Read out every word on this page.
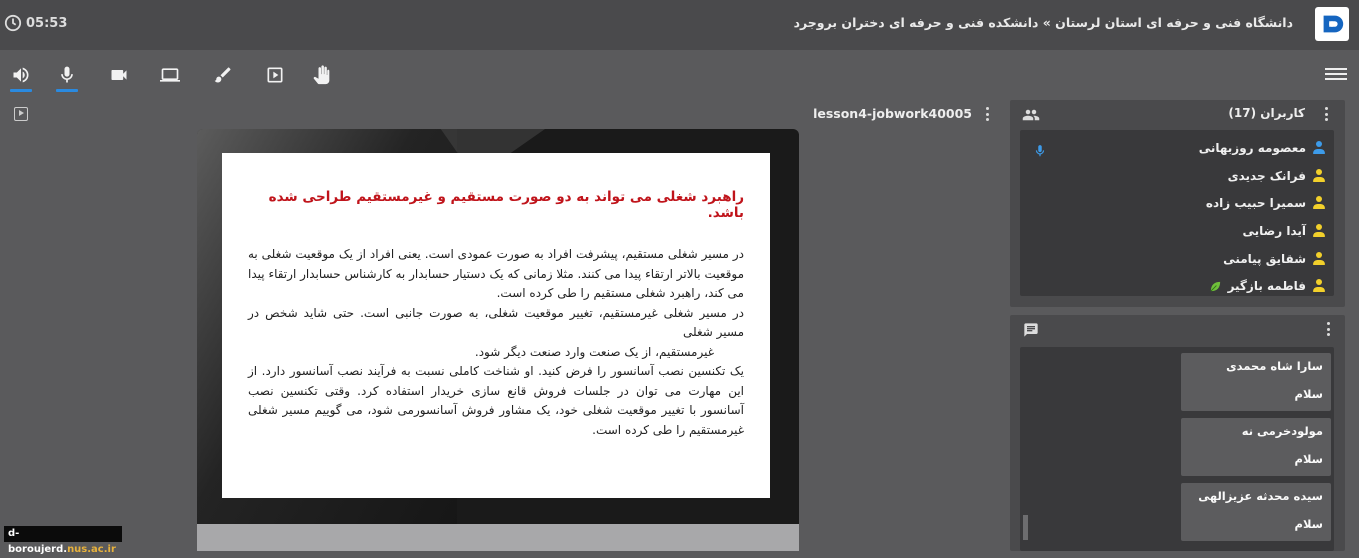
05:53	دانشگاه فنی و حرفه ای استان لرستان » دانشکده فنی و حرفه ای دختران بروجرد
lesson4-jobwork40005
راهبرد شغلی می تواند به دو صورت مستقیم و غیرمستقیم طراحی شده باشد.

در مسیر شغلی مستقیم، پیشرفت افراد به صورت عمودی است. یعنی افراد از یک موقعیت شغلی به موقعیت بالاتر ارتقاء پیدا می کنند. مثلا زمانی که یک دستیار حسابدار به کارشناس حسابدار ارتقاء پیدا می کند، راهبرد شغلی مستقیم را طی کرده است.

در مسیر شغلی غیرمستقیم، تغییر موقعیت شغلی، به صورت جانبی است. حتی شاید شخص در مسیر شغلی

غیرمستقیم، از یک صنعت وارد صنعت دیگر شود.

یک تکنسین نصب آسانسور را فرض کنید. او شناخت کاملی نسبت به فرآیند نصب آسانسور دارد. از این مهارت می توان در جلسات فروش قانع سازی خریدار استفاده کرد. وقتی تکنسین نصب آسانسور با تغییر موقعیت شغلی خود، یک مشاور فروش آسانسورمی شود، می گوییم مسیر شغلی غیرمستقیم را طی کرده است.

d-boroujerd.nus.ac.ir
کاربران (17)
معصومه روزبهانی
فرانک جدیدی
سمیرا حبیب زاده
آیدا رضایی
شقایق پیامنی
فاطمه بازگیر
سارا شاه محمدی
سلام
مولودخرمی نه
سلام
سیده محدثه عزیزالهی
سلام
